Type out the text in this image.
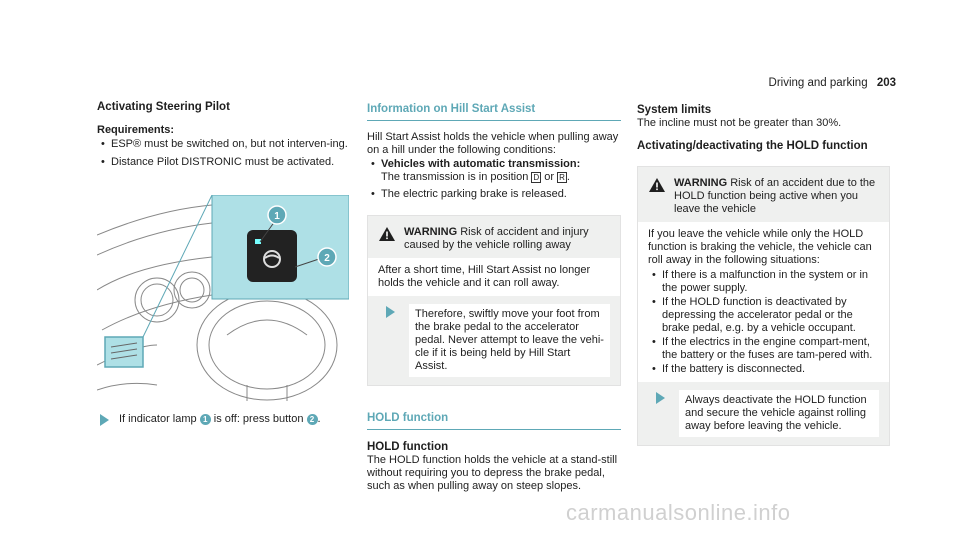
Driving and parking 203
Activating Steering Pilot
Requirements:
• ESP® must be switched on, but not interven-ing.
• Distance Pilot DISTRONIC must be activated.
1
2
If indicator lamp 1 is off: press button 2 .
Information on Hill Start Assist
Hill Start Assist holds the vehicle when pulling away on a hill under the following conditions:
• Vehicles with automatic transmission:
The transmission is in position D or R .
• The electric parking brake is released.
WARNING Risk of accident and injury caused by the vehicle rolling away
After a short time, Hill Start Assist no longer holds the vehicle and it can roll away.
Therefore, swiftly move your foot from the brake pedal to the accelerator pedal. Never attempt to leave the vehi-cle if it is being held by Hill Start Assist.
HOLD function
HOLD function
The HOLD function holds the vehicle at a stand-still without requiring you to depress the brake pedal, such as when pulling away on steep slopes.
System limits
The incline must not be greater than 30%.
Activating/deactivating the HOLD function
WARNING Risk of an accident due to the HOLD function being active when you leave the vehicle
If you leave the vehicle while only the HOLD function is braking the vehicle, the vehicle can roll away in the following situations:
• If there is a malfunction in the system or in the power supply.
• If the HOLD function is deactivated by depressing the accelerator pedal or the brake pedal, e.g. by a vehicle occupant.
• If the electrics in the engine compart-ment, the battery or the fuses are tam-pered with.
• If the battery is disconnected.
Always deactivate the HOLD function and secure the vehicle against rolling away before leaving the vehicle.
carmanualsonline.info
